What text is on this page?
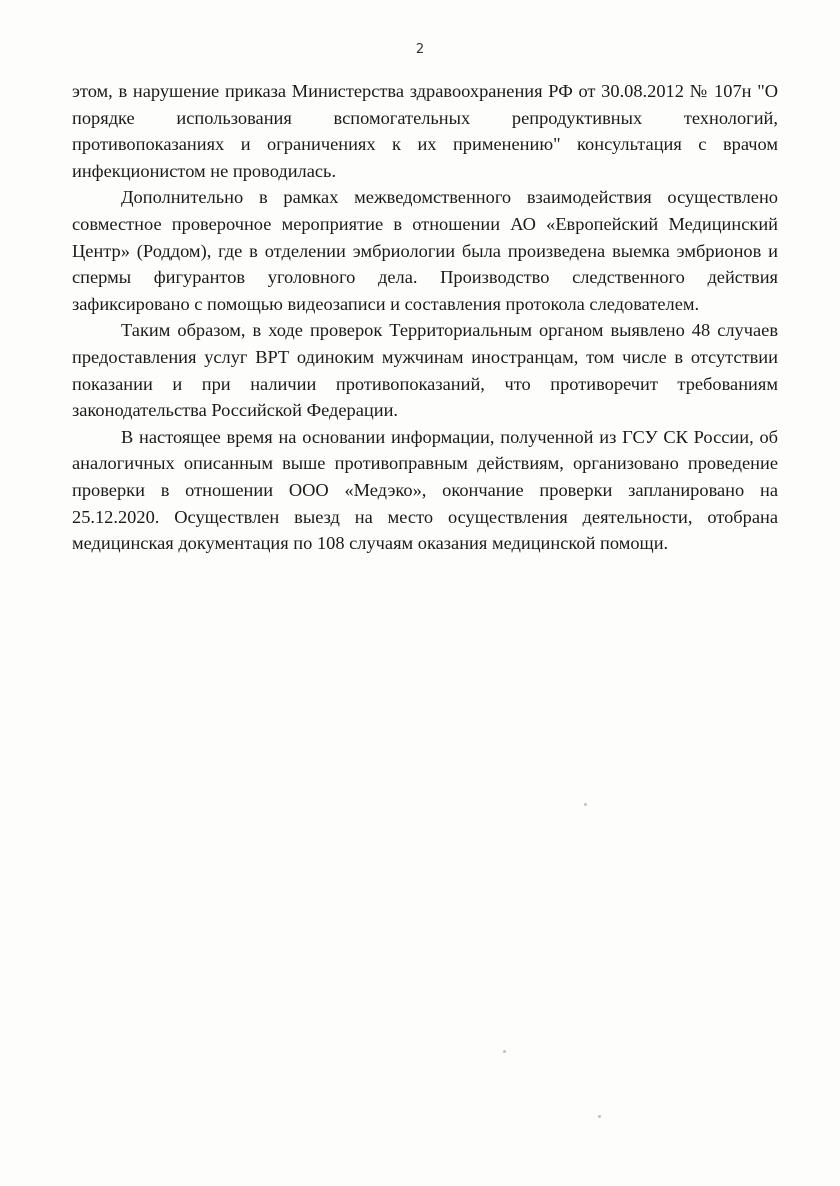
2

этом, в нарушение приказа Министерства здравоохранения РФ от 30.08.2012 № 107н "О порядке использования вспомогательных репродуктивных технологий, противопоказаниях и ограничениях к их применению" консультация с врачом инфекционистом не проводилась.

Дополнительно в рамках межведомственного взаимодействия осуществлено совместное проверочное мероприятие в отношении АО «Европейский Медицинский Центр» (Роддом), где в отделении эмбриологии была произведена выемка эмбрионов и спермы фигурантов уголовного дела. Производство следственного действия зафиксировано с помощью видеозаписи и составления протокола следователем.

Таким образом, в ходе проверок Территориальным органом выявлено 48 случаев предоставления услуг ВРТ одиноким мужчинам иностранцам, том числе в отсутствии показании и при наличии противопоказаний, что противоречит требованиям законодательства Российской Федерации.

В настоящее время на основании информации, полученной из ГСУ СК России, об аналогичных описанным выше противоправным действиям, организовано проведение проверки в отношении ООО «Медэко», окончание проверки запланировано на 25.12.2020. Осуществлен выезд на место осуществления деятельности, отобрана медицинская документация по 108 случаям оказания медицинской помощи.
